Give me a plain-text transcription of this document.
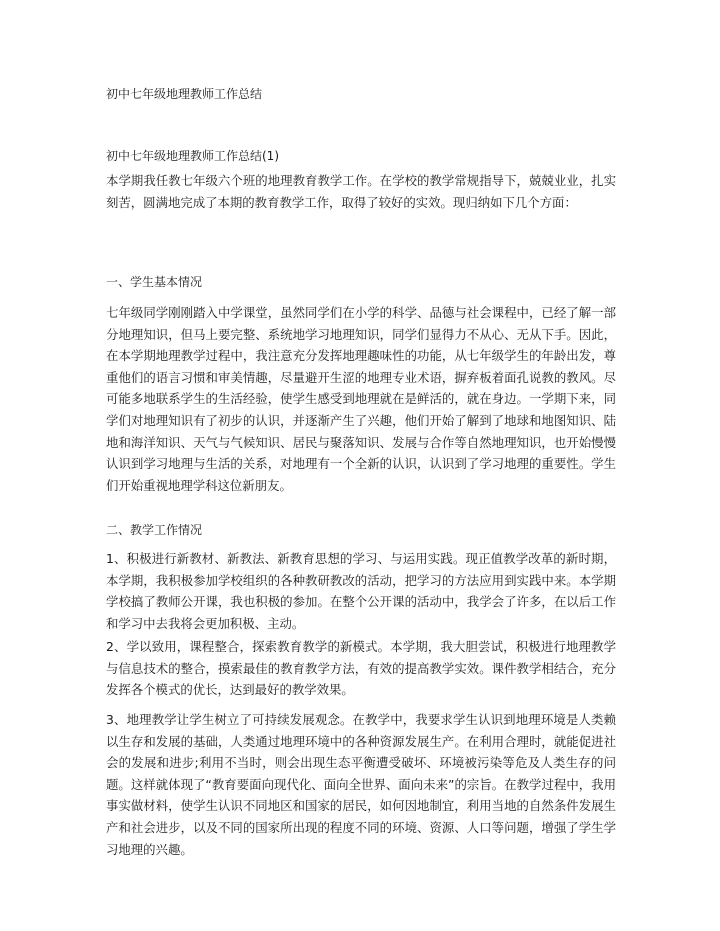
初中七年级地理教师工作总结
初中七年级地理教师工作总结(1)

本学期我任教七年级六个班的地理教育教学工作。在学校的教学常规指导下，兢兢业业，扎实刻苦，圆满地完成了本期的教育教学工作，取得了较好的实效。现归纳如下几个方面：

一、学生基本情况

七年级同学刚刚踏入中学课堂，虽然同学们在小学的科学、品德与社会课程中，已经了解一部分地理知识，但马上要完整、系统地学习地理知识，同学们显得力不从心、无从下手。因此，在本学期地理教学过程中，我注意充分发挥地理趣味性的功能，从七年级学生的年龄出发，尊重他们的语言习惯和审美情趣，尽量避开生涩的地理专业术语，摒弃板着面孔说教的教风。尽可能多地联系学生的生活经验，使学生感受到地理就在是鲜活的，就在身边。一学期下来，同学们对地理知识有了初步的认识，并逐渐产生了兴趣，他们开始了解到了地球和地图知识、陆地和海洋知识、天气与气候知识、居民与聚落知识、发展与合作等自然地理知识，也开始慢慢认识到学习地理与生活的关系，对地理有一个全新的认识，认识到了学习地理的重要性。学生们开始重视地理学科这位新朋友。

二、教学工作情况

1、积极进行新教材、新教法、新教育思想的学习、与运用实践。现正值教学改革的新时期，本学期，我积极参加学校组织的各种教研教改的活动，把学习的方法应用到实践中来。本学期学校搞了教师公开课，我也积极的参加。在整个公开课的活动中，我学会了许多，在以后工作和学习中去我将会更加积极、主动。

2、学以致用，课程整合，探索教育教学的新模式。本学期，我大胆尝试，积极进行地理教学与信息技术的整合，摸索最佳的教育教学方法，有效的提高教学实效。课件教学相结合，充分发挥各个模式的优长，达到最好的教学效果。

3、地理教学让学生树立了可持续发展观念。在教学中，我要求学生认识到地理环境是人类赖以生存和发展的基础，人类通过地理环境中的各种资源发展生产。在利用合理时，就能促进社会的发展和进步;利用不当时，则会出现生态平衡遭受破坏、环境被污染等危及人类生存的问题。这样就体现了“教育要面向现代化、面向全世界、面向未来”的宗旨。在教学过程中，我用事实做材料，使学生认识不同地区和国家的居民，如何因地制宜，利用当地的自然条件发展生产和社会进步，以及不同的国家所出现的程度不同的环境、资源、人口等问题，增强了学生学习地理的兴趣。
